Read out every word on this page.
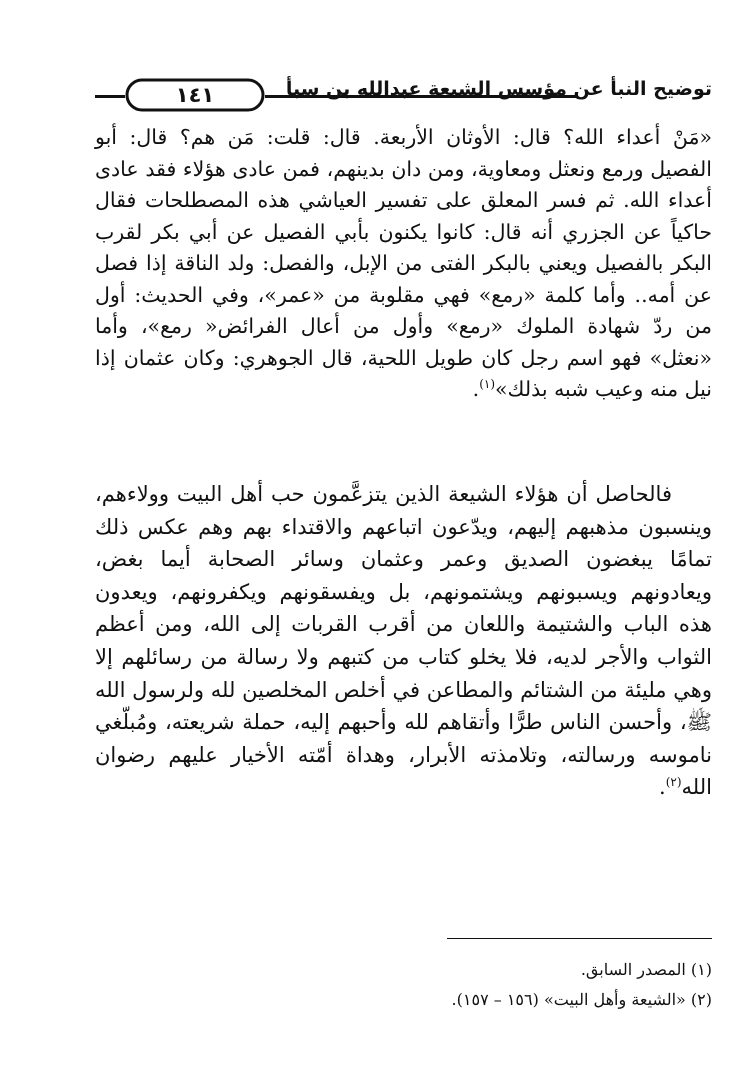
توضيح النبأ عن مؤسس الشيعة عبدالله بن سبأ
١٤١

«مَنْ أعداء الله؟ قال: الأوثان الأربعة. قال: قلت: مَن هم؟ قال: أبو الفصيل ورمع ونعثل ومعاوية، ومن دان بدينهم، فمن عادى هؤلاء فقد عادى أعداء الله. ثم فسر المعلق على تفسير العياشي هذه المصطلحات فقال حاكياً عن الجزري أنه قال: كانوا يكنون بأبي الفصيل عن أبي بكر لقرب البكر بالفصيل ويعني بالبكر الفتى من الإبل، والفصل: ولد الناقة إذا فصل عن أمه.. وأما كلمة «رمع» فهي مقلوبة من «عمر»، وفي الحديث: أول من ردّ شهادة الملوك «رمع» وأول من أعال الفرائض« رمع»، وأما «نعثل» فهو اسم رجل كان طويل اللحية، قال الجوهري: وكان عثمان إذا نيل منه وعيب شبه بذلك»$^{(١)}$.

فالحاصل أن هؤلاء الشيعة الذين يتزعَّمون حب أهل البيت وولاءهم، وينسبون مذهبهم إليهم، ويدّعون اتباعهم والاقتداء بهم وهم عكس ذلك تمامًا يبغضون الصديق وعمر وعثمان وسائر الصحابة أيما بغض، ويعادونهم ويسبونهم ويشتمونهم، بل ويفسقونهم ويكفرونهم، ويعدون هذه الباب والشتيمة واللعان من أقرب القربات إلى الله، ومن أعظم الثواب والأجر لديه، فلا يخلو كتاب من كتبهم ولا رسالة من رسائلهم إلا وهي مليئة من الشتائم والمطاعن في أخلص المخلصين لله ولرسول الله ﷺ، وأحسن الناس طرًّا وأتقاهم لله وأحبهم إليه، حملة شريعته، ومُبلّغي ناموسه ورسالته، وتلامذته الأبرار، وهداة أمّته الأخيار عليهم رضوان الله$^{(٢)}$.

(١) المصدر السابق.
(٢) «الشيعة وأهل البيت» (١٥٦ – ١٥٧).
